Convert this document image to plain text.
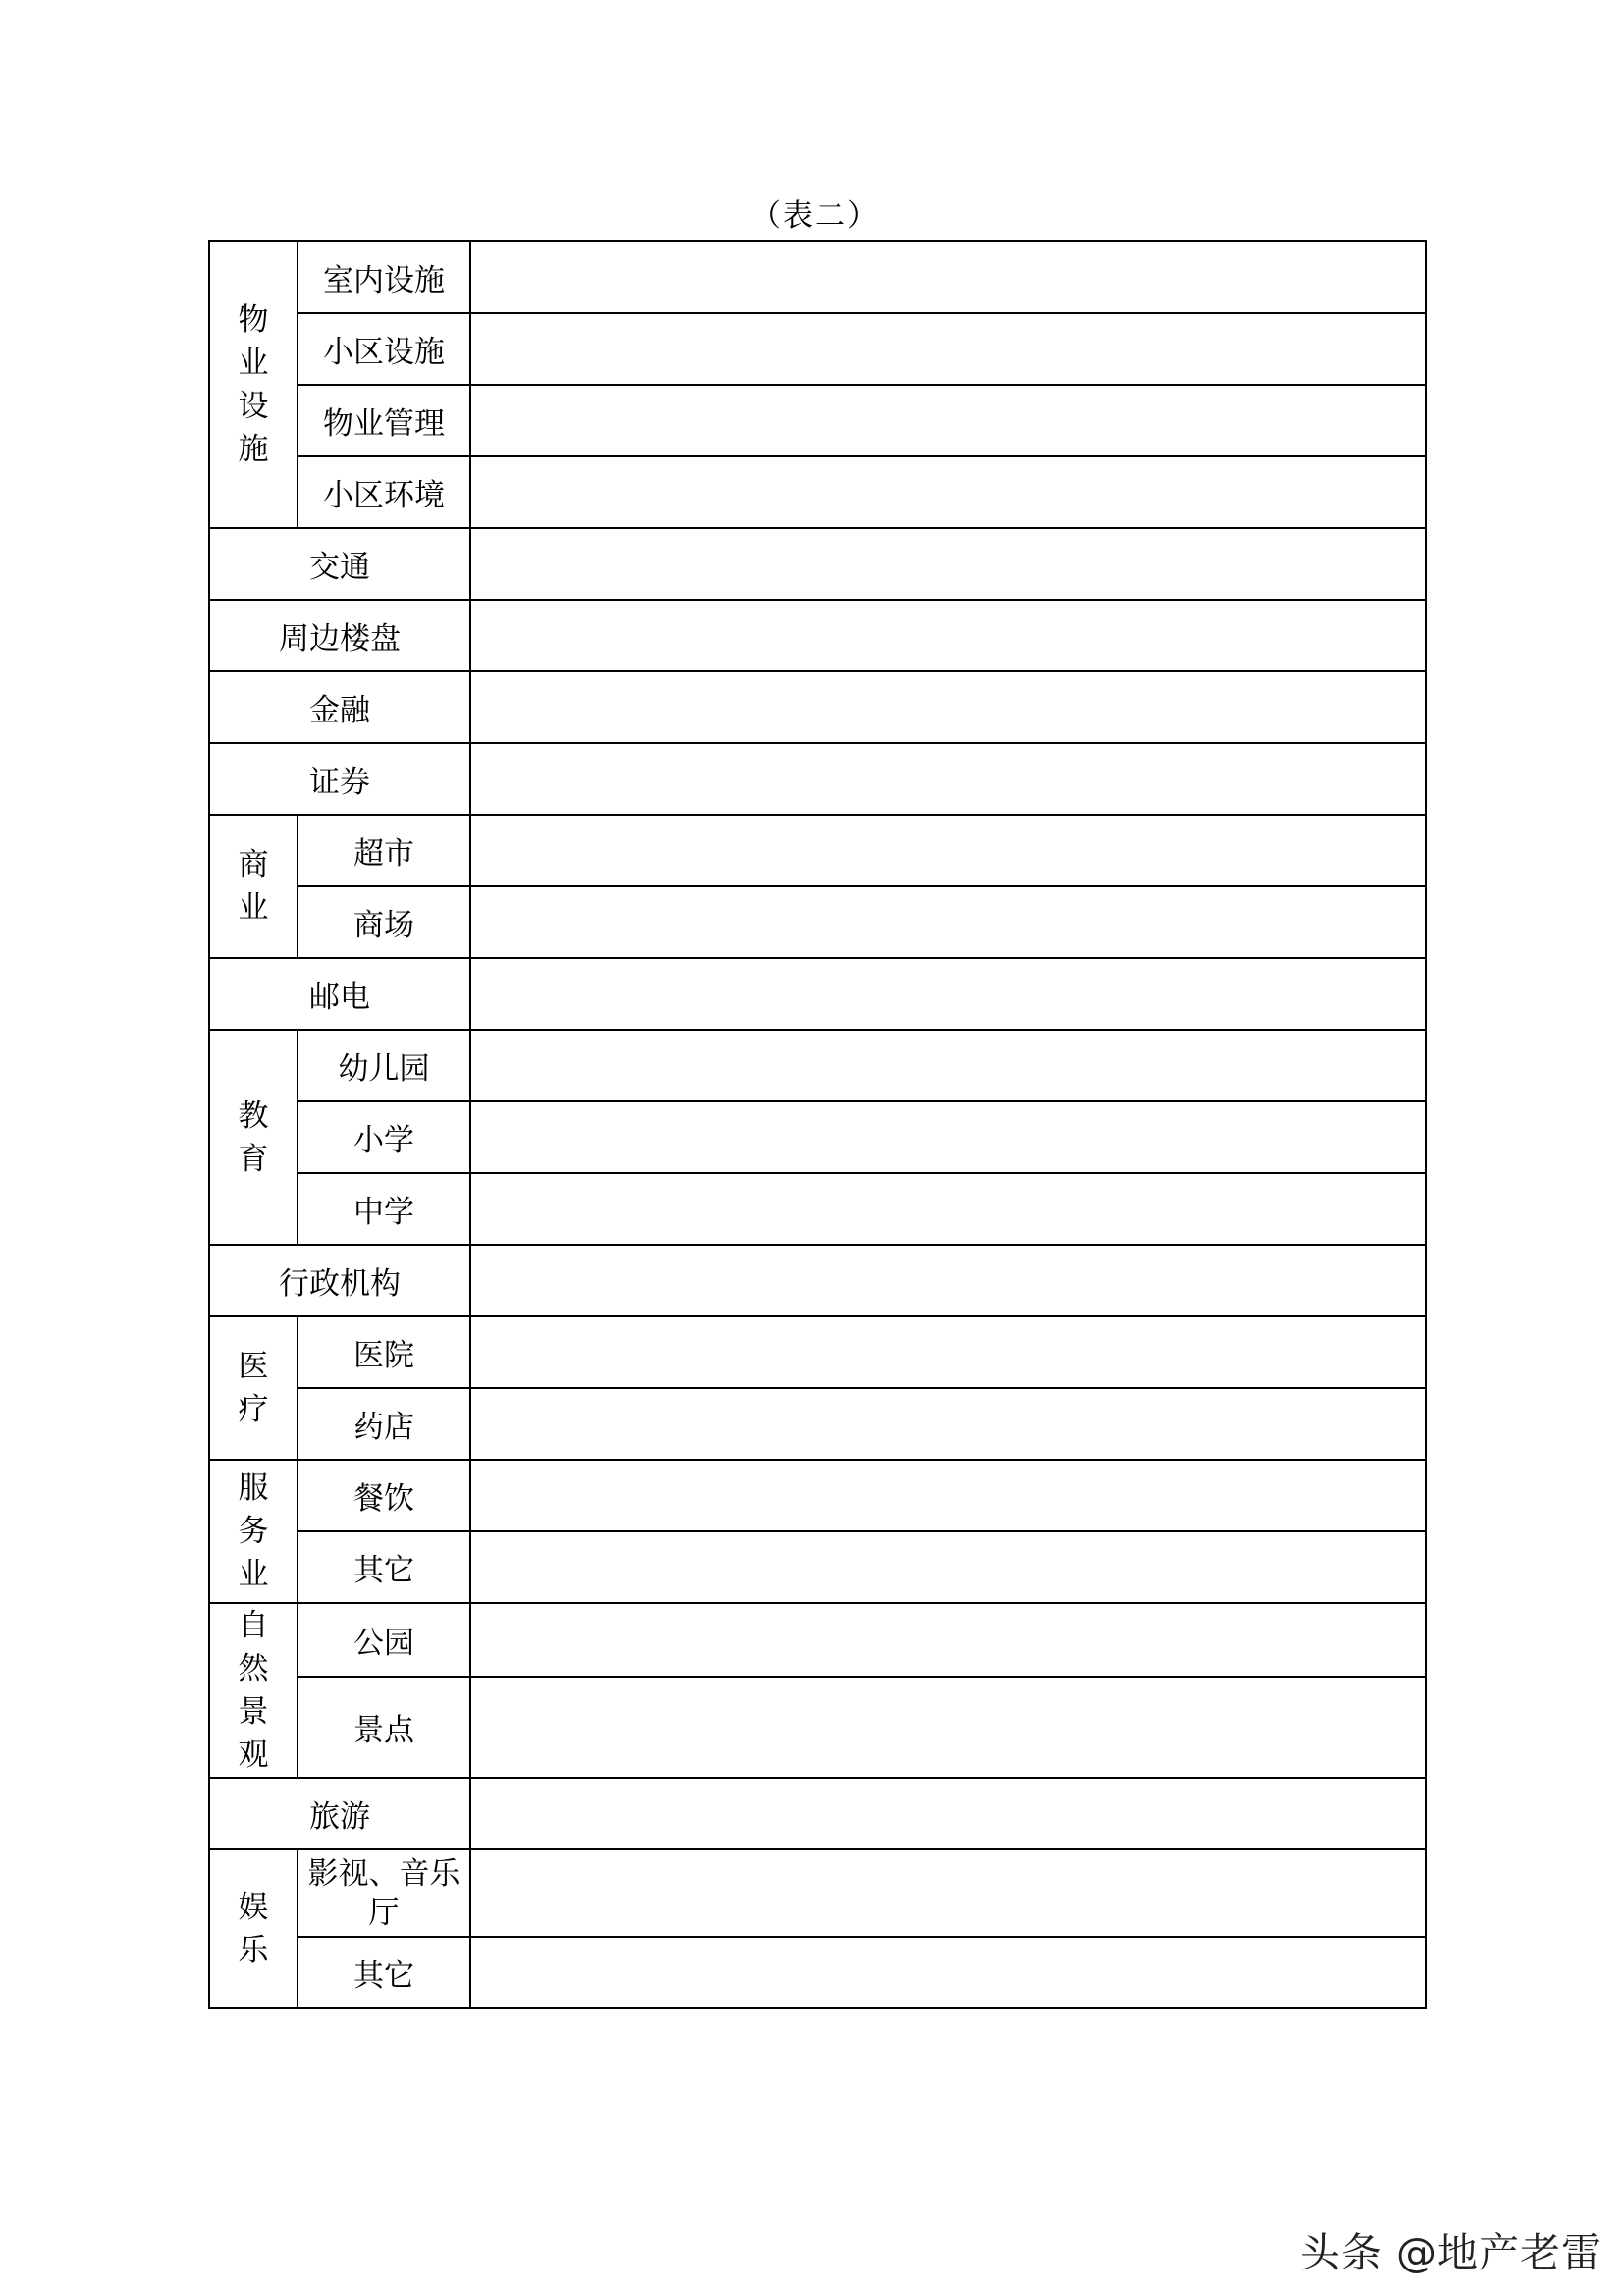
（表二）
物
业
设
施	室内设施	
	小区设施	
	物业管理	
	小区环境	
交通		
周边楼盘		
金融		
证券		

商
业	超市	
	商场	
邮电		

教
育	幼儿园	
	小学	
	中学	
行政机构		

医
疗	医院	
	药店	

服
务
业	餐饮	
	其它	

自
然
景
观	公园	
	景点	
旅游		

娱
乐	影视、音乐厅	
	其它	
头条 @地产老雷
